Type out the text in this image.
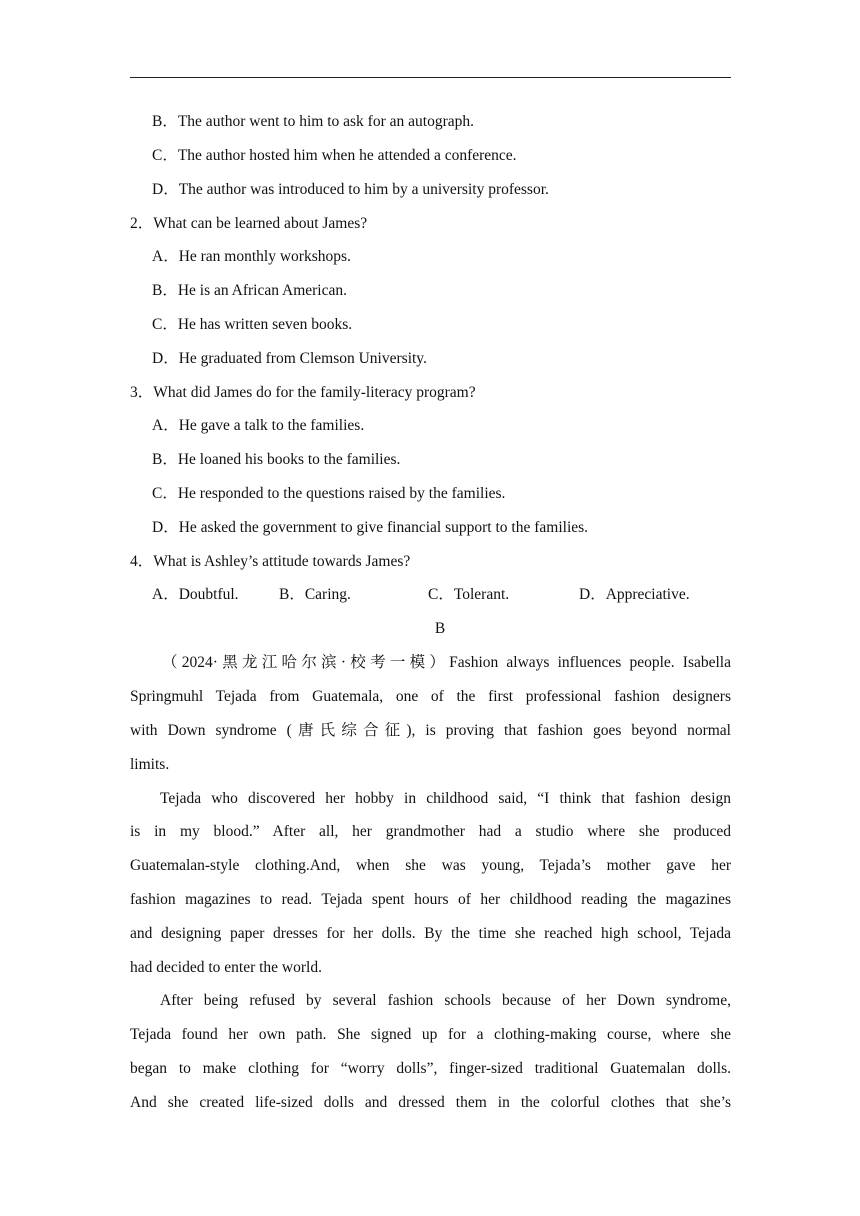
B．The author went to him to ask for an autograph.
C．The author hosted him when he attended a conference.
D．The author was introduced to him by a university professor.
2．What can be learned about James?
A．He ran monthly workshops.
B．He is an African American.
C．He has written seven books.
D．He graduated from Clemson University.
3．What did James do for the family-literacy program?
A．He gave a talk to the families.
B．He loaned his books to the families.
C．He responded to the questions raised by the families.
D．He asked the government to give financial support to the families.
4．What is Ashley’s attitude towards James?
A．Doubtful.	B．Caring.	C．Tolerant.	D．Appreciative.
B
（2024·黑龙江哈尔滨·校考一模）Fashion always influences people. Isabella
Springmuhl Tejada from Guatemala, one of the first professional fashion designers
with Down syndrome (唐氏综合征), is proving that fashion goes beyond normal
limits.
Tejada who discovered her hobby in childhood said, “I think that fashion design
is in my blood.” After all, her grandmother had a studio where she produced
Guatemalan-style clothing.And, when she was young, Tejada’s mother gave her
fashion magazines to read. Tejada spent hours of her childhood reading the magazines
and designing paper dresses for her dolls. By the time she reached high school, Tejada
had decided to enter the world.
After being refused by several fashion schools because of her Down syndrome,
Tejada found her own path. She signed up for a clothing-making course, where she
began to make clothing for “worry dolls”, finger-sized traditional Guatemalan dolls.
And she created life-sized dolls and dressed them in the colorful clothes that she’s
